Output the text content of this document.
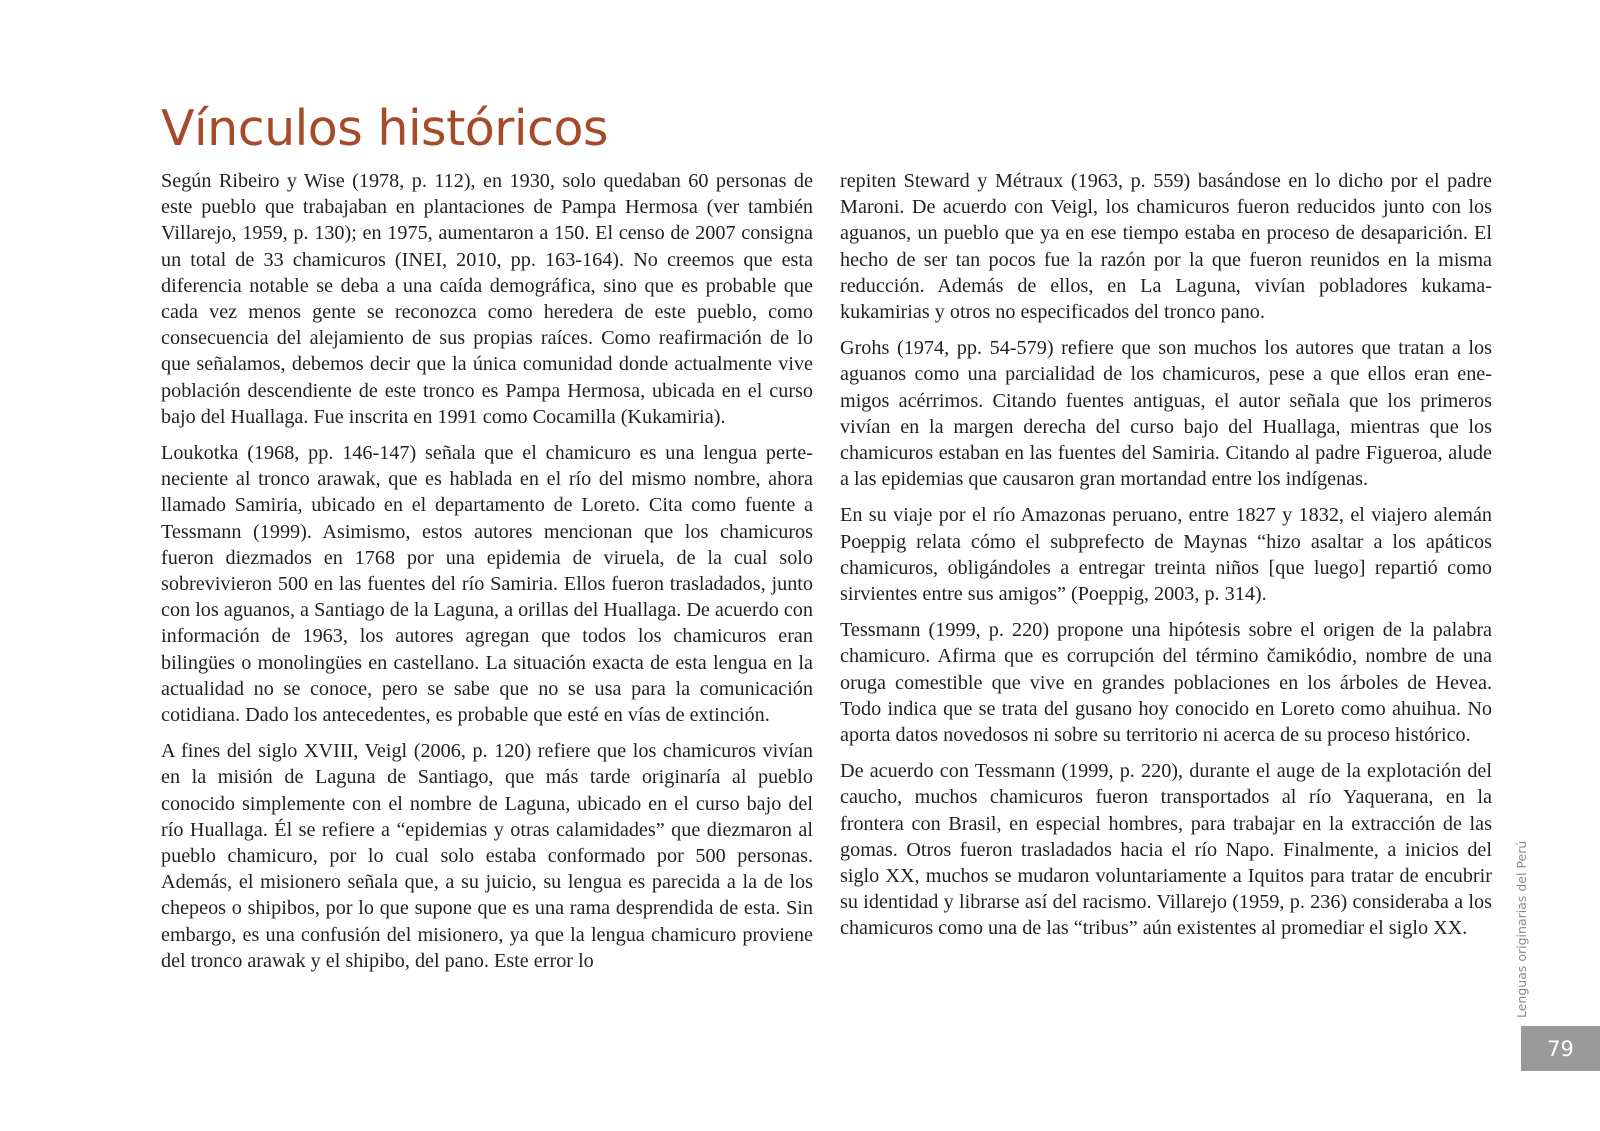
Vínculos históricos

Según Ribeiro y Wise (1978, p. 112), en 1930, solo quedaban 60 personas de este pueblo que trabajaban en plantaciones de Pampa Hermosa (ver también Villarejo, 1959, p. 130); en 1975, aumentaron a 150. El censo de 2007 consigna un total de 33 chamicuros (INEI, 2010, pp. 163-164). No creemos que esta diferencia notable se deba a una caída demográfica, sino que es probable que cada vez menos gente se reconozca como heredera de este pueblo, como consecuencia del alejamiento de sus propias raíces. Como reafirmación de lo que señalamos, debemos decir que la única comunidad donde actualmente vive población descendiente de este tronco es Pampa Hermosa, ubicada en el curso bajo del Huallaga. Fue inscrita en 1991 como Cocamilla (Kukamiria).

Loukotka (1968, pp. 146-147) señala que el chamicuro es una lengua perteneciente al tronco arawak, que es hablada en el río del mismo nombre, ahora llamado Samiria, ubicado en el departamento de Loreto. Cita como fuente a Tessmann (1999). Asimismo, estos autores mencionan que los chamicuros fueron diezmados en 1768 por una epidemia de viruela, de la cual solo sobrevivieron 500 en las fuentes del río Samiria. Ellos fueron trasladados, junto con los aguanos, a Santiago de la Laguna, a orillas del Huallaga. De acuerdo con información de 1963, los autores agregan que todos los chamicuros eran bilingües o monolingües en castellano. La situación exacta de esta lengua en la actualidad no se conoce, pero se sabe que no se usa para la comunicación cotidiana. Dado los antecedentes, es probable que esté en vías de extinción.

A fines del siglo XVIII, Veigl (2006, p. 120) refiere que los chamicuros vivían en la misión de Laguna de Santiago, que más tarde originaría al pueblo conocido simplemente con el nombre de Laguna, ubicado en el curso bajo del río Huallaga. Él se refiere a “epidemias y otras calamidades” que diezmaron al pueblo chamicuro, por lo cual solo estaba conformado por 500 personas. Además, el misionero señala que, a su juicio, su lengua es parecida a la de los chepeos o shipibos, por lo que supone que es una rama desprendida de esta. Sin embargo, es una confusión del misionero, ya que la lengua chamicuro proviene del tronco arawak y el shipibo, del pano. Este error lo

repiten Steward y Métraux (1963, p. 559) basándose en lo dicho por el padre Maroni. De acuerdo con Veigl, los chamicuros fueron reducidos junto con los aguanos, un pueblo que ya en ese tiempo estaba en proceso de desaparición. El hecho de ser tan pocos fue la razón por la que fueron reunidos en la misma reducción. Además de ellos, en La Laguna, vivían pobladores kukama-kukamirias y otros no especificados del tronco pano.

Grohs (1974, pp. 54-579) refiere que son muchos los autores que tratan a los aguanos como una parcialidad de los chamicuros, pese a que ellos eran enemigos acérrimos. Citando fuentes antiguas, el autor señala que los primeros vivían en la margen derecha del curso bajo del Huallaga, mientras que los chamicuros estaban en las fuentes del Samiria. Citando al padre Figueroa, alude a las epidemias que causaron gran mortandad entre los indígenas.

En su viaje por el río Amazonas peruano, entre 1827 y 1832, el viajero alemán Poeppig relata cómo el subprefecto de Maynas “hizo asaltar a los apáticos chamicuros, obligándoles a entregar treinta niños [que luego] repartió como sirvientes entre sus amigos” (Poeppig, 2003, p. 314).

Tessmann (1999, p. 220) propone una hipótesis sobre el origen de la palabra chamicuro. Afirma que es corrupción del término čamikódio, nombre de una oruga comestible que vive en grandes poblaciones en los árboles de Hevea. Todo indica que se trata del gusano hoy conocido en Loreto como ahuihua. No aporta datos novedosos ni sobre su territorio ni acerca de su proceso histórico.

De acuerdo con Tessmann (1999, p. 220), durante el auge de la explotación del caucho, muchos chamicuros fueron transportados al río Yaquerana, en la frontera con Brasil, en especial hombres, para trabajar en la extracción de las gomas. Otros fueron trasladados hacia el río Napo. Finalmente, a inicios del siglo XX, muchos se mudaron voluntariamente a Iquitos para tratar de encubrir su identidad y librarse así del racismo. Villarejo (1959, p. 236) consideraba a los chamicuros como una de las “tribus” aún existentes al promediar el siglo XX.	Lenguas originarias del Perú
79
